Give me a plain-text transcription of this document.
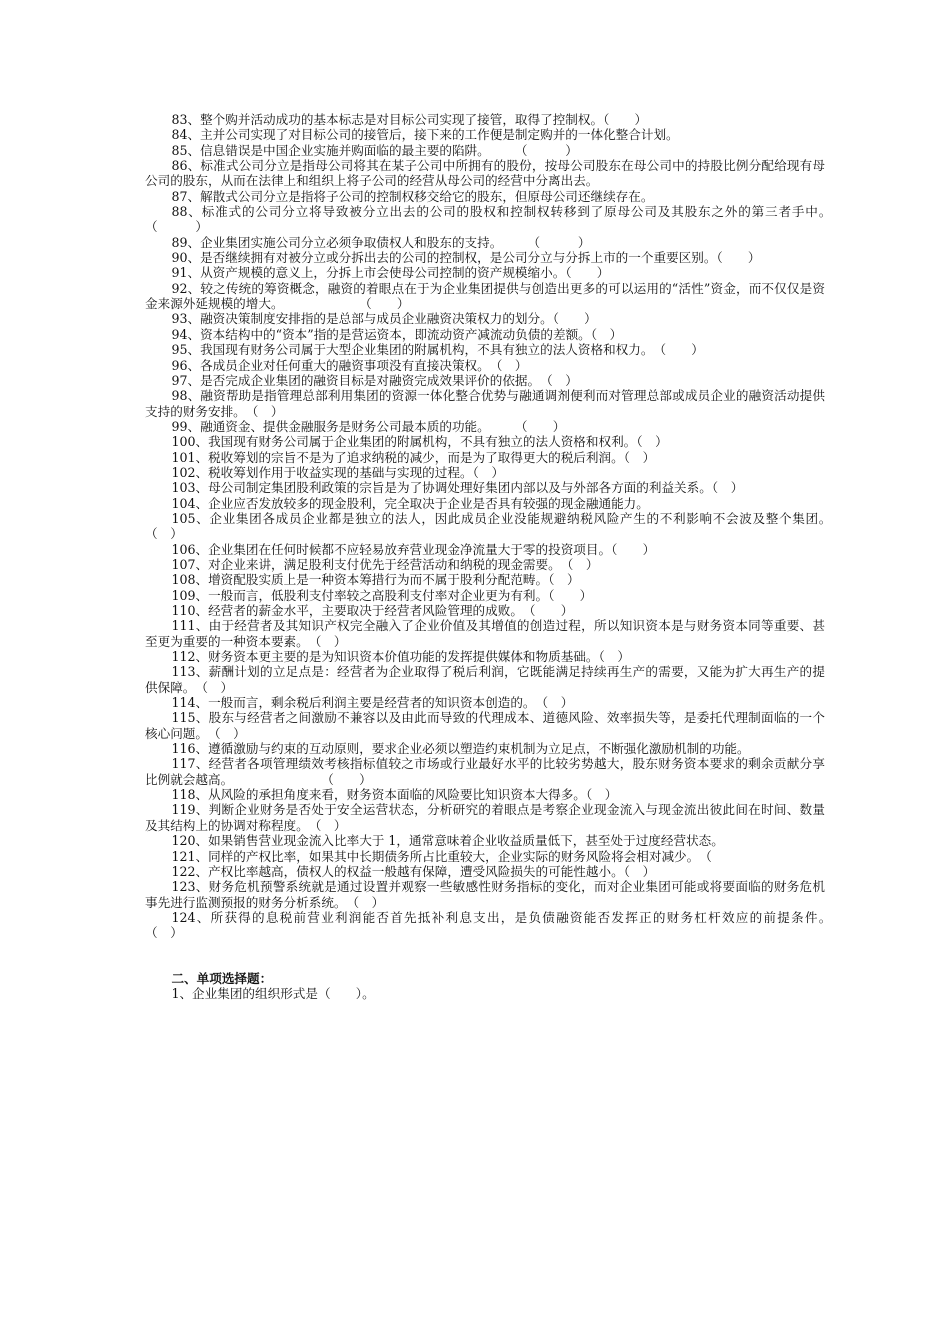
83、整个购并活动成功的基本标志是对目标公司实现了接管，取得了控制权。（　　）

84、主并公司实现了对目标公司的接管后，接下来的工作便是制定购并的一体化整合计划。

85、信息错误是中国企业实施并购面临的最主要的陷阱。　　　（　　　）

86、标准式公司分立是指母公司将其在某子公司中所拥有的股份，按母公司股东在母公司中的持股比例分配给现有母公司的股东，从而在法律上和组织上将子公司的经营从母公司的经营中分离出去。

87、解散式公司分立是指将子公司的控制权移交给它的股东，但原母公司还继续存在。

88、标准式的公司分立将导致被分立出去的公司的股权和控制权转移到了原母公司及其股东之外的第三者手中。　　　　　（　　　）

89、企业集团实施公司分立必须争取债权人和股东的支持。　　　（　　　）

90、是否继续拥有对被分立或分拆出去的公司的控制权，是公司分立与分拆上市的一个重要区别。（　　）

91、从资产规模的意义上，分拆上市会使母公司控制的资产规模缩小。（　　）

92、较之传统的筹资概念，融资的着眼点在于为企业集团提供与创造出更多的可以运用的“活性”资金，而不仅仅是资金来源外延规模的增大。　　　　　　　（　　）

93、融资决策制度安排指的是总部与成员企业融资决策权力的划分。（　　）

94、资本结构中的“资本”指的是营运资本，即流动资产减流动负债的差额。（　）

95、我国现有财务公司属于大型企业集团的附属机构，不具有独立的法人资格和权力。　（　　）

96、各成员企业对任何重大的融资事项没有直接决策权。　（　）

97、是否完成企业集团的融资目标是对融资完成效果评价的依据。　（　）

98、融资帮助是指管理总部利用集团的资源一体化整合优势与融通调剂便利而对管理总部或成员企业的融资活动提供支持的财务安排。　（　）

99、融通资金、提供金融服务是财务公司最本质的功能。　　　（　　）

100、我国现有财务公司属于企业集团的附属机构，不具有独立的法人资格和权利。（　）

101、税收筹划的宗旨不是为了追求纳税的减少，而是为了取得更大的税后利润。（　）

102、税收筹划作用于收益实现的基础与实现的过程。（　）

103、母公司制定集团股利政策的宗旨是为了协调处理好集团内部以及与外部各方面的利益关系。（　）

104、企业应否发放较多的现金股利，完全取决于企业是否具有较强的现金融通能力。

105、企业集团各成员企业都是独立的法人，因此成员企业没能规避纳税风险产生的不利影响不会波及整个集团。　（　）

106、企业集团在任何时候都不应轻易放弃营业现金净流量大于零的投资项目。（　　）

107、对企业来讲，满足股利支付优先于经营活动和纳税的现金需要。　（　）

108、增资配股实质上是一种资本筹措行为而不属于股利分配范畴。（　）

109、一般而言，低股利支付率较之高股利支付率对企业更为有利。（　　）

110、经营者的薪金水平，主要取决于经营者风险管理的成败。　（　　）

111、由于经营者及其知识产权完全融入了企业价值及其增值的创造过程，所以知识资本是与财务资本同等重要、甚至更为重要的一种资本要素。　（　）

112、财务资本更主要的是为知识资本价值功能的发挥提供媒体和物质基础。（　）

113、薪酬计划的立足点是：经营者为企业取得了税后利润，它既能满足持续再生产的需要，又能为扩大再生产的提供保障。　（　）

114、一般而言，剩余税后利润主要是经营者的知识资本创造的。　（　）

115、股东与经营者之间激励不兼容以及由此而导致的代理成本、道德风险、效率损失等，是委托代理制面临的一个核心问题。　（　）

116、遵循激励与约束的互动原则，要求企业必须以塑造约束机制为立足点，不断强化激励机制的功能。

117、经营者各项管理绩效考核指标值较之市场或行业最好水平的比较劣势越大，股东财务资本要求的剩余贡献分享比例就会越高。　　　　　　　　（　　）

118、从风险的承担角度来看，财务资本面临的风险要比知识资本大得多。（　）

119、判断企业财务是否处于安全运营状态，分析研究的着眼点是考察企业现金流入与现金流出彼此间在时间、数量及其结构上的协调对称程度。　（　）

120、如果销售营业现金流入比率大于 1，通常意味着企业收益质量低下，甚至处于过度经营状态。

121、同样的产权比率，如果其中长期债务所占比重较大，企业实际的财务风险将会相对减少。　（

122、产权比率越高，债权人的权益一般越有保障，遭受风险损失的可能性越小。（　）

123、财务危机预警系统就是通过设置并观察一些敏感性财务指标的变化，而对企业集团可能或将要面临的财务危机事先进行监测预报的财务分析系统。　（　）

124、所获得的息税前营业利润能否首先抵补利息支出，是负债融资能否发挥正的财务杠杆效应的前提条件。　　　　（　）

二、单项选择题：

1、企业集团的组织形式是（　　）。
